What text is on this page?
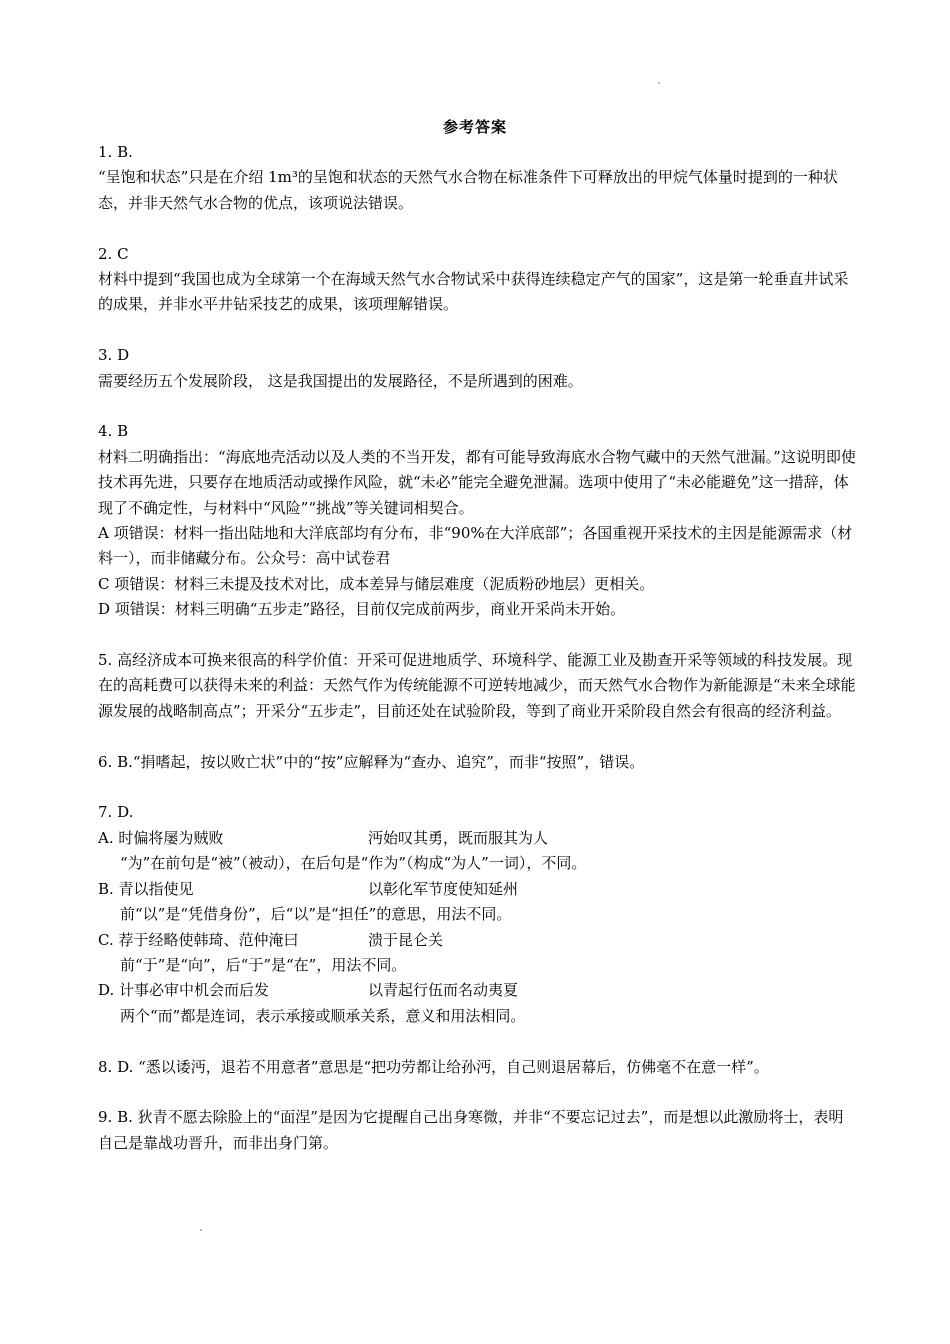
参考答案

1. B.

“呈饱和状态”只是在介绍 1m³的呈饱和状态的天然气水合物在标准条件下可释放出的甲烷气体量时提到的一种状态，并非天然气水合物的优点，该项说法错误。

2. C

材料中提到“我国也成为全球第一个在海域天然气水合物试采中获得连续稳定产气的国家”，这是第一轮垂直井试采的成果，并非水平井钻采技艺的成果，该项理解错误。

3. D

需要经历五个发展阶段， 这是我国提出的发展路径，不是所遇到的困难。

4. B

材料二明确指出：“海底地壳活动以及人类的不当开发，都有可能导致海底水合物气藏中的天然气泄漏。”这说明即使技术再先进，只要存在地质活动或操作风险，就“未必”能完全避免泄漏。选项中使用了“未必能避免”这一措辞，体现了不确定性，与材料中“风险”“挑战”等关键词相契合。

A 项错误：材料一指出陆地和大洋底部均有分布，非“90%在大洋底部”；各国重视开采技术的主因是能源需求（材料一），而非储藏分布。公众号：高中试卷君

C 项错误：材料三未提及技术对比，成本差异与储层难度（泥质粉砂地层）更相关。

D 项错误：材料三明确“五步走”路径，目前仅完成前两步，商业开采尚未开始。

5. 高经济成本可换来很高的科学价值：开采可促进地质学、环境科学、能源工业及勘查开采等领域的科技发展。现在的高耗费可以获得未来的利益：天然气作为传统能源不可逆转地减少，而天然气水合物作为新能源是“未来全球能源发展的战略制高点”；开采分“五步走”，目前还处在试验阶段，等到了商业开采阶段自然会有很高的经济利益。

6. B.“捐嗜起，按以败亡状”中的“按”应解释为“查办、追究”，而非“按照”，错误。

7. D.

A. 时偏将屡为贼败	沔始叹其勇，既而服其为人

“为”在前句是“被”（被动），在后句是“作为”（构成“为人”一词），不同。

B. 青以指使见	以彰化军节度使知延州

前“以”是“凭借身份”，后“以”是“担任”的意思，用法不同。

C. 荐于经略使韩琦、范仲淹曰	溃于昆仑关

前“于”是“向”，后“于”是“在”，用法不同。

D. 计事必审中机会而后发	以青起行伍而名动夷夏

两个“而”都是连词，表示承接或顺承关系，意义和用法相同。

8. D. “悉以诿沔，退若不用意者”意思是“把功劳都让给孙沔，自己则退居幕后，仿佛毫不在意一样”。

9. B. 狄青不愿去除脸上的“面涅”是因为它提醒自己出身寒微，并非“不要忘记过去”，而是想以此激励将士，表明自己是靠战功晋升，而非出身门第。
